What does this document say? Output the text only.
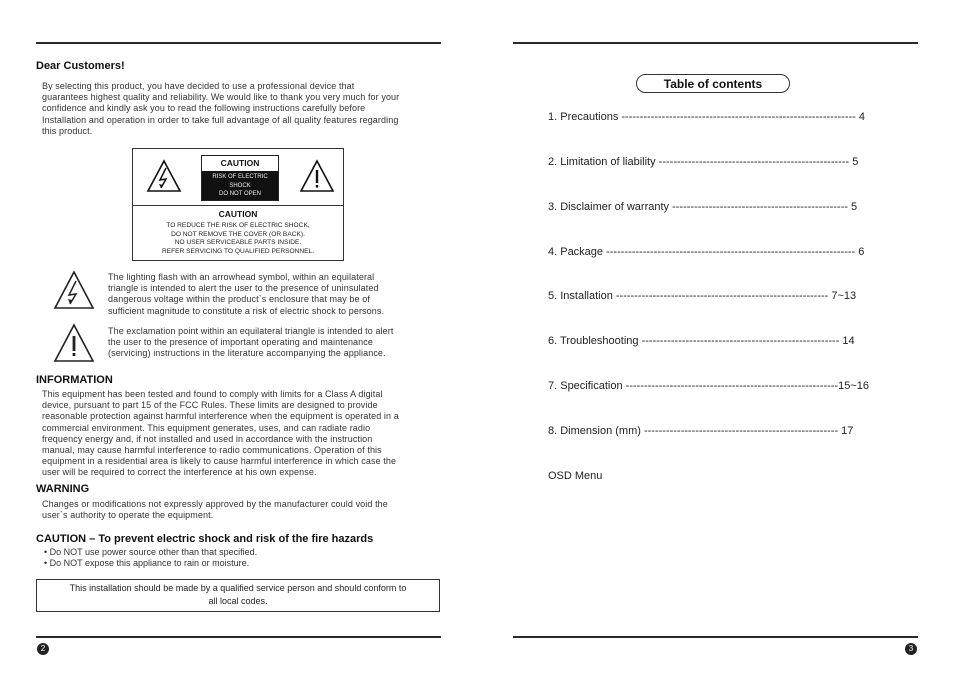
Dear Customers!
By selecting this product, you have decided to use a professional device that
guarantees highest quality and reliability. We would like to thank you very much for your
confidence and kindly ask you to read the following instructions carefully before
Installation and operation in order to take full advantage of all quality features regarding
this product.
CAUTION
RISK OF ELECTRIC
SHOCK
DO NOT OPEN
CAUTION
TO REDUCE THE RISK OF ELECTRIC SHOCK,
DO NOT REMOVE THE COVER (OR BACK).
NO USER SERVICEABLE PARTS INSIDE.
REFER SERVICING TO QUALIFIED PERSONNEL.
The lighting flash with an arrowhead symbol, within an equilateral
triangle is intended to alert the user to the presence of uninsulated
dangerous voltage within the product`s enclosure that may be of
sufficient magnitude to constitute a risk of electric shock to persons.
The exclamation point within an equilateral triangle is intended to alert
the user to the presence of important operating and maintenance
(servicing) instructions in the literature accompanying the appliance.
INFORMATION
This equipment has been tested and found to comply with limits for a Class A digital
device, pursuant to part 15 of the FCC Rules. These limits are designed to provide
reasonable protection against harmful interference when the equipment is operated in a
commercial environment. This equipment generates, uses, and can radiate radio
frequency energy and, if not installed and used in accordance with the instruction
manual, may cause harmful interference to radio communications. Operation of this
equipment in a residential area is likely to cause harmful interference in which case the
user will be required to correct the interference at his own expense.
WARNING
Changes or modifications not expressly approved by the manufacturer could void the
user`s authority to operate the equipment.
CAUTION – To prevent electric shock and risk of the fire hazards
• Do NOT use power source other than that specified.
• Do NOT expose this appliance to rain or moisture.
This installation should be made by a qualified service person and should conform to
all local codes.
2
Table of contents
1. Precautions ---------------------------------------------------------------- 4
2. Limitation of liability ---------------------------------------------------- 5
3. Disclaimer of warranty ------------------------------------------------ 5
4. Package -------------------------------------------------------------------- 6
5. Installation ---------------------------------------------------------- 7~13
6. Troubleshooting ------------------------------------------------------ 14
7. Specification ----------------------------------------------------------15~16
8. Dimension (mm) ----------------------------------------------------- 17
OSD Menu
3
